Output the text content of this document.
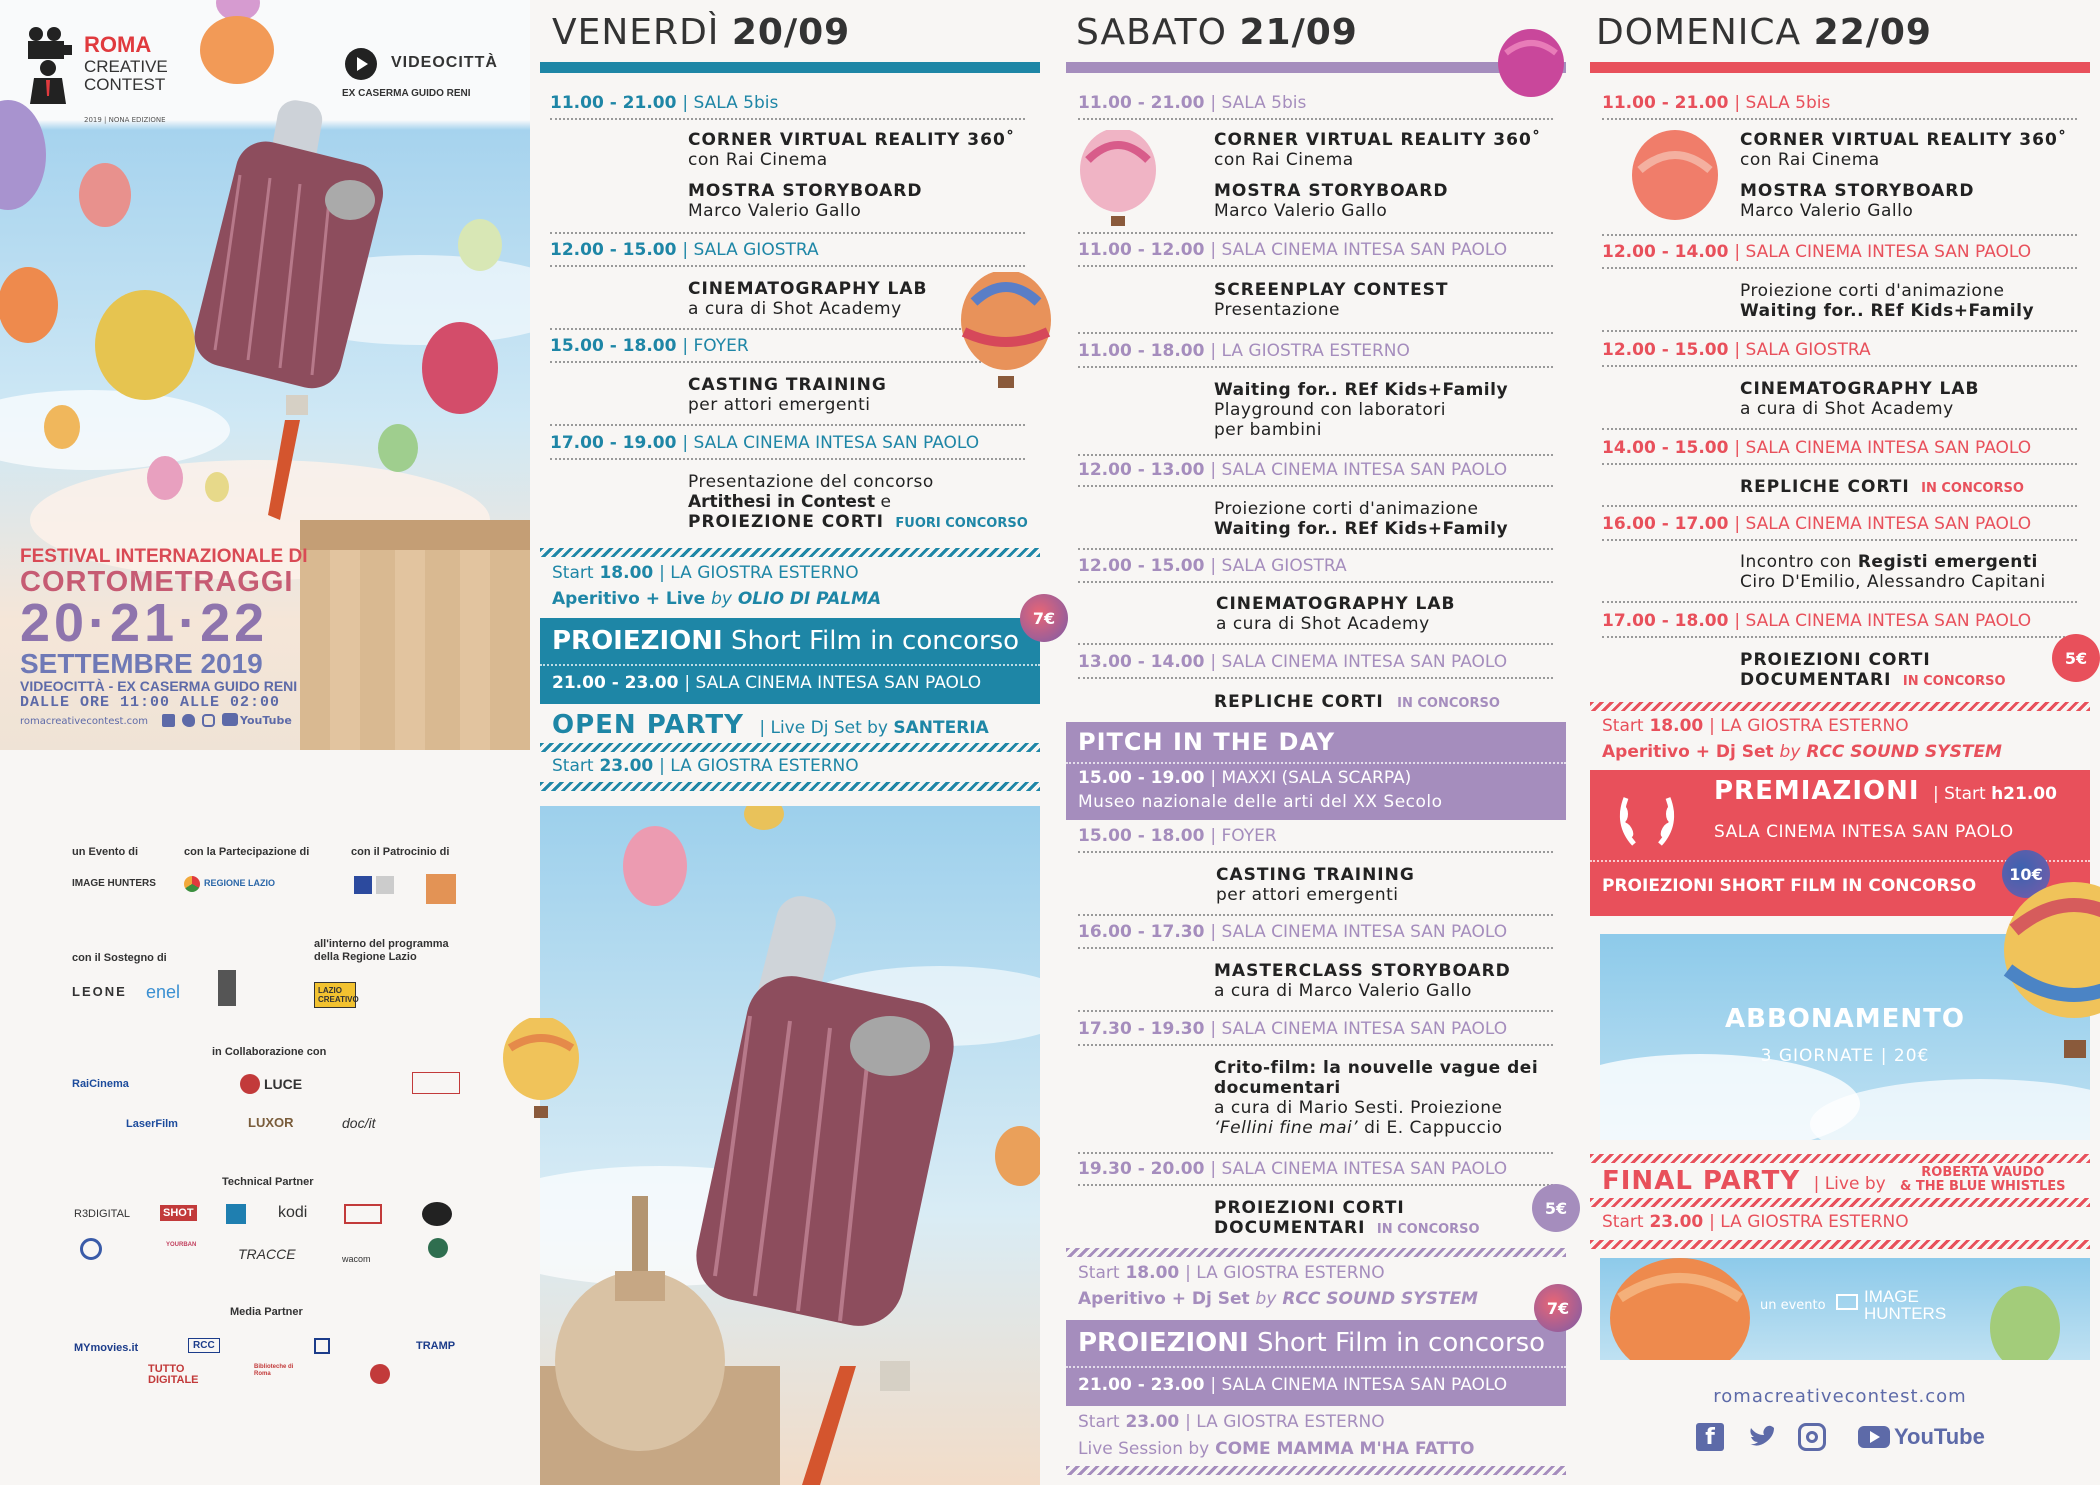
ROMA
CREATIVE
CONTEST
2019 | NONA EDIZIONE
VIDEOCITTÀ
EX CASERMA GUIDO RENI
FESTIVAL INTERNAZIONALE DI
CORTOMETRAGGI
20·21·22
SETTEMBRE 2019
VIDEOCITTÀ - EX CASERMA GUIDO RENI
DALLE ORE 11:00 ALLE 02:00
romacreativecontest.com	YouTube
un Evento di	con la Partecipazione di	con il Patrocinio di
IMAGE HUNTERS	REGIONE LAZIO
con il Sostegno di
all'interno del programma della Regione Lazio
LEONE enel	LAZIO CREATIVO
in Collaborazione con
RaiCinema	LUCE
LaserFilm	LUXOR	doc/it
Technical Partner
R3DIGITAL	SHOT	kodi
YOURBAN
TRACCE	wacom
Media Partner
MYmovies.it	RCC	TRAMP
TUTTO DIGITALE
Biblioteche di Roma
VENERDÌ 20/09
11.00 - 21.00 | SALA 5bis
CORNER VIRTUAL REALITY 360˚
con Rai Cinema
MOSTRA STORYBOARD
Marco Valerio Gallo
12.00 - 15.00 | SALA GIOSTRA
CINEMATOGRAPHY LAB
a cura di Shot Academy
15.00 - 18.00 | FOYER
CASTING TRAINING
per attori emergenti
17.00 - 19.00 | SALA CINEMA INTESA SAN PAOLO
Presentazione del concorso
Artithesi in Contest e
PROIEZIONE CORTI FUORI CONCORSO
Start 18.00 | LA GIOSTRA ESTERNO
Aperitivo + Live by OLIO DI PALMA
PROIEZIONI Short Film in concorso
21.00 - 23.00 | SALA CINEMA INTESA SAN PAOLO
7€
OPEN PARTY | Live Dj Set by SANTERIA
Start 23.00 | LA GIOSTRA ESTERNO
SABATO 21/09
11.00 - 21.00 | SALA 5bis
CORNER VIRTUAL REALITY 360˚
con Rai Cinema
MOSTRA STORYBOARD
Marco Valerio Gallo
11.00 - 12.00 | SALA CINEMA INTESA SAN PAOLO
SCREENPLAY CONTEST
Presentazione
11.00 - 18.00 | LA GIOSTRA ESTERNO
Waiting for.. REf Kids+Family
Playground con laboratori
per bambini
12.00 - 13.00 | SALA CINEMA INTESA SAN PAOLO
Proiezione corti d'animazione
Waiting for.. REf Kids+Family
12.00 - 15.00 | SALA GIOSTRA
CINEMATOGRAPHY LAB
a cura di Shot Academy
13.00 - 14.00 | SALA CINEMA INTESA SAN PAOLO
REPLICHE CORTI IN CONCORSO
PITCH IN THE DAY
15.00 - 19.00 | MAXXI (SALA SCARPA)
Museo nazionale delle arti del XX Secolo
15.00 - 18.00 | FOYER
CASTING TRAINING
per attori emergenti
16.00 - 17.30 | SALA CINEMA INTESA SAN PAOLO
MASTERCLASS STORYBOARD
a cura di Marco Valerio Gallo
17.30 - 19.30 | SALA CINEMA INTESA SAN PAOLO
Crito-film: la nouvelle vague dei
documentari
a cura di Mario Sesti. Proiezione
‘Fellini fine mai’ di E. Cappuccio
19.30 - 20.00 | SALA CINEMA INTESA SAN PAOLO
PROIEZIONI CORTI
DOCUMENTARI IN CONCORSO
5€
Start 18.00 | LA GIOSTRA ESTERNO
Aperitivo + Dj Set by RCC SOUND SYSTEM
PROIEZIONI Short Film in concorso
21.00 - 23.00 | SALA CINEMA INTESA SAN PAOLO
7€
Start 23.00 | LA GIOSTRA ESTERNO
Live Session by COME MAMMA M'HA FATTO
DOMENICA 22/09
11.00 - 21.00 | SALA 5bis
CORNER VIRTUAL REALITY 360˚
con Rai Cinema
MOSTRA STORYBOARD
Marco Valerio Gallo
12.00 - 14.00 | SALA CINEMA INTESA SAN PAOLO
Proiezione corti d'animazione
Waiting for.. REf Kids+Family
12.00 - 15.00 | SALA GIOSTRA
CINEMATOGRAPHY LAB
a cura di Shot Academy
14.00 - 15.00 | SALA CINEMA INTESA SAN PAOLO
REPLICHE CORTI IN CONCORSO
16.00 - 17.00 | SALA CINEMA INTESA SAN PAOLO
Incontro con Registi emergenti
Ciro D'Emilio, Alessandro Capitani
17.00 - 18.00 | SALA CINEMA INTESA SAN PAOLO
PROIEZIONI CORTI
DOCUMENTARI IN CONCORSO
5€
Start 18.00 | LA GIOSTRA ESTERNO
Aperitivo + Dj Set by RCC SOUND SYSTEM
PREMIAZIONI | Start h21.00
SALA CINEMA INTESA SAN PAOLO
PROIEZIONI SHORT FILM IN CONCORSO
10€
ABBONAMENTO
3 GIORNATE | 20€
FINAL PARTY | Live by
ROBERTA VAUDO
& THE BLUE WHISTLES
Start 23.00 | LA GIOSTRA ESTERNO
un evento IMAGE
HUNTERS
romacreativecontest.com
f	YouTube
